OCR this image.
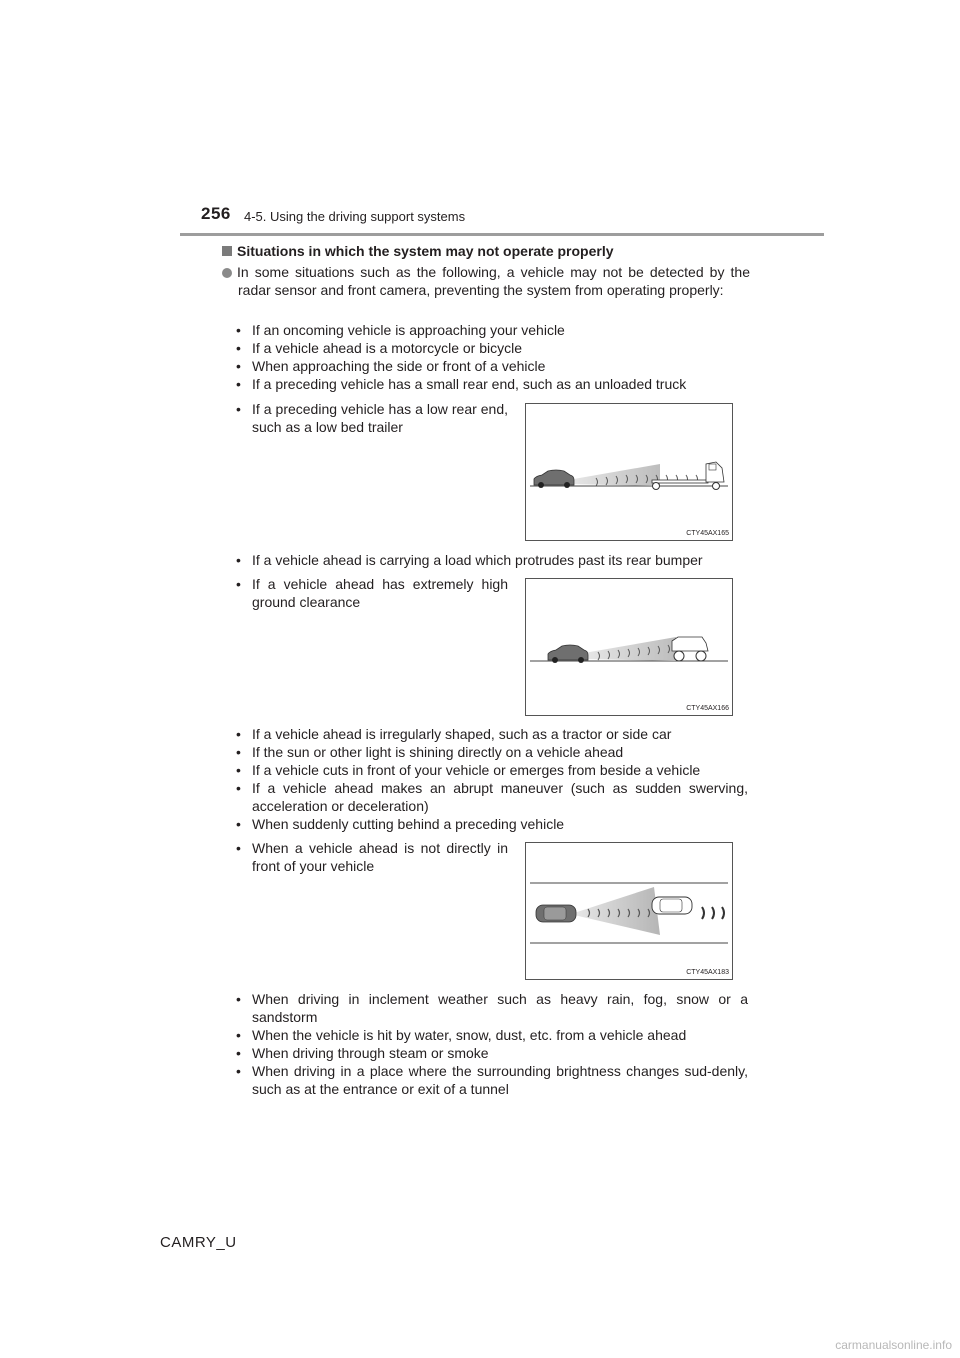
256 4-5. Using the driving support systems
Situations in which the system may not operate properly
In some situations such as the following, a vehicle may not be detected by the radar sensor and front camera, preventing the system from operating properly:
• If an oncoming vehicle is approaching your vehicle
• If a vehicle ahead is a motorcycle or bicycle
• When approaching the side or front of a vehicle
• If a preceding vehicle has a small rear end, such as an unloaded truck
• If a preceding vehicle has a low rear end, such as a low bed trailer
CTY45AX165
• If a vehicle ahead is carrying a load which protrudes past its rear bumper
• If a vehicle ahead has extremely high ground clearance
CTY45AX166
• If a vehicle ahead is irregularly shaped, such as a tractor or side car
• If the sun or other light is shining directly on a vehicle ahead
• If a vehicle cuts in front of your vehicle or emerges from beside a vehicle
• If a vehicle ahead makes an abrupt maneuver (such as sudden swerving, acceleration or deceleration)
• When suddenly cutting behind a preceding vehicle
• When a vehicle ahead is not directly in front of your vehicle
CTY45AX183
• When driving in inclement weather such as heavy rain, fog, snow or a sandstorm
• When the vehicle is hit by water, snow, dust, etc. from a vehicle ahead
• When driving through steam or smoke
• When driving in a place where the surrounding brightness changes sud-denly, such as at the entrance or exit of a tunnel
CAMRY_U
carmanualsonline.info
